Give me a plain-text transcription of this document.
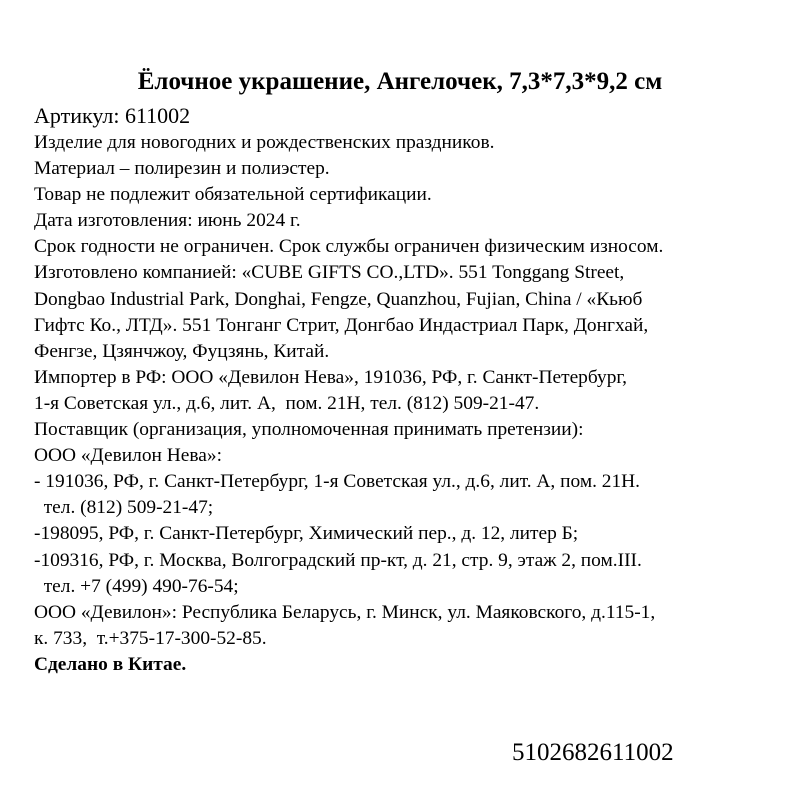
Ёлочное украшение, Ангелочек, 7,3*7,3*9,2 см
Артикул: 611002
Изделие для новогодних и рождественских праздников.
Материал – полирезин и полиэстер.
Товар не подлежит обязательной сертификации.
Дата изготовления: июнь 2024 г.
Срок годности не ограничен. Срок службы ограничен физическим износом.
Изготовлено компанией: «CUBE GIFTS CO.,LTD». 551 Tonggang Street,
Dongbao Industrial Park, Donghai, Fengze, Quanzhou, Fujian, China / «Кьюб
Гифтс Ко., ЛТД». 551 Тонганг Стрит, Донгбао Индастриал Парк, Донгхай,
Фенгзе, Цзянчжоу, Фуцзянь, Китай.
Импортер в РФ: ООО «Девилон Нева», 191036, РФ, г. Санкт-Петербург,
1-я Советская ул., д.6, лит. А,  пом. 21Н, тел. (812) 509-21-47.
Поставщик (организация, уполномоченная принимать претензии):
ООО «Девилон Нева»:
- 191036, РФ, г. Санкт-Петербург, 1-я Советская ул., д.6, лит. А, пом. 21Н.
тел. (812) 509-21-47;
-198095, РФ, г. Санкт-Петербург, Химический пер., д. 12, литер Б;
-109316, РФ, г. Москва, Волгоградский пр-кт, д. 21, стр. 9, этаж 2, пом.III.
тел. +7 (499) 490-76-54;
ООО «Девилон»: Республика Беларусь, г. Минск, ул. Маяковского, д.115-1,
к. 733,  т.+375-17-300-52-85.
Сделано в Китае.
5102682611002
